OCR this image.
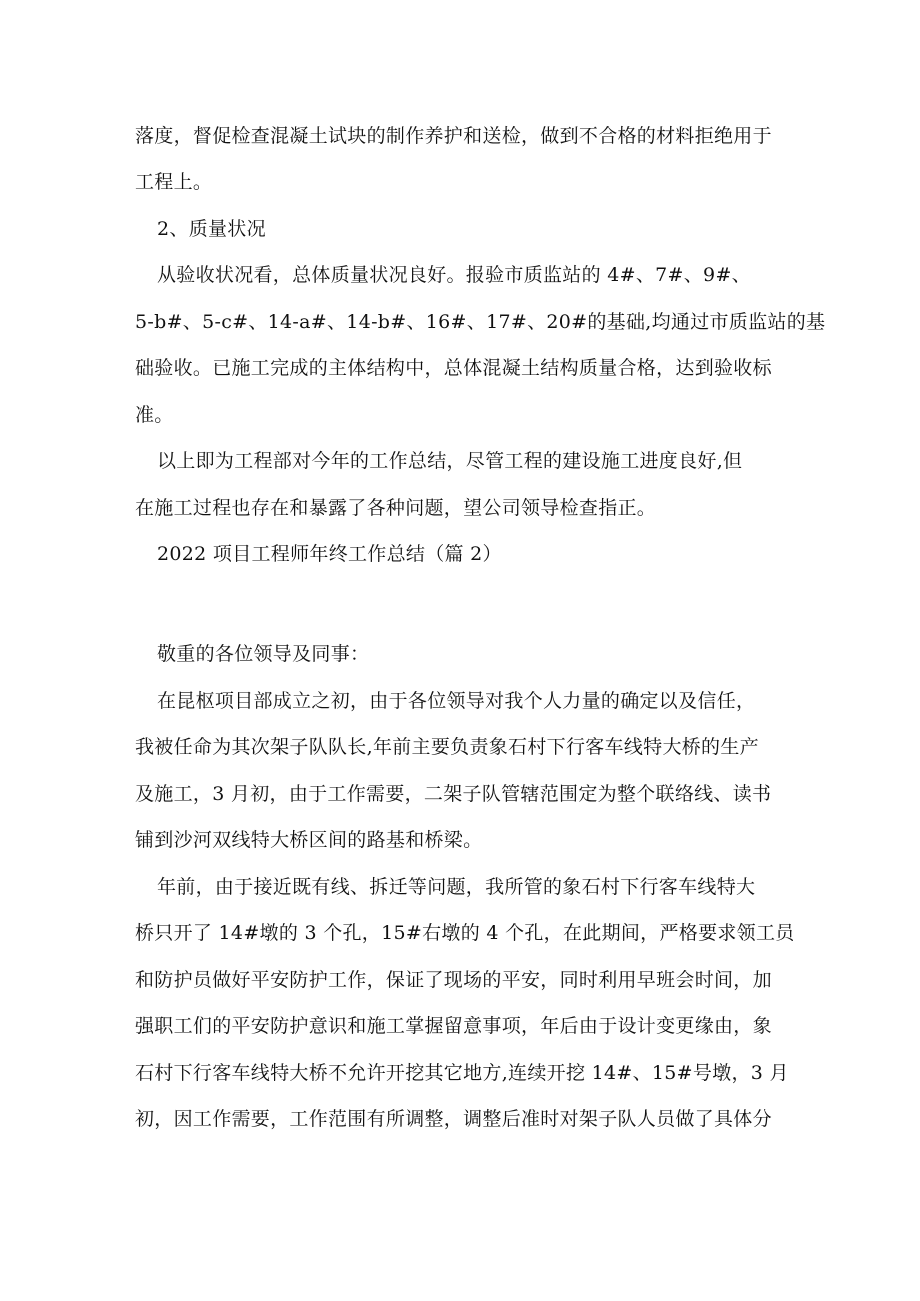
落度，督促检查混凝土试块的制作养护和送检，做到不合格的材料拒绝用于
工程上。
2、质量状况
从验收状况看，总体质量状况良好。报验市质监站的 4#、7#、9#、
5-b#、5-c#、14-a#、14-b#、16#、17#、20#的基础,均通过市质监站的基
础验收。已施工完成的主体结构中，总体混凝土结构质量合格，达到验收标
准。
以上即为工程部对今年的工作总结，尽管工程的建设施工进度良好,但
在施工过程也存在和暴露了各种问题，望公司领导检查指正。
2022 项目工程师年终工作总结（篇 2）
敬重的各位领导及同事：
在昆枢项目部成立之初，由于各位领导对我个人力量的确定以及信任，
我被任命为其次架子队队长,年前主要负责象石村下行客车线特大桥的生产
及施工，3 月初，由于工作需要，二架子队管辖范围定为整个联络线、读书
铺到沙河双线特大桥区间的路基和桥梁。
年前，由于接近既有线、拆迁等问题，我所管的象石村下行客车线特大
桥只开了 14#墩的 3 个孔，15#右墩的 4 个孔，在此期间，严格要求领工员
和防护员做好平安防护工作，保证了现场的平安，同时利用早班会时间，加
强职工们的平安防护意识和施工掌握留意事项，年后由于设计变更缘由，象
石村下行客车线特大桥不允许开挖其它地方,连续开挖 14#、15#号墩，3 月
初，因工作需要，工作范围有所调整，调整后准时对架子队人员做了具体分
